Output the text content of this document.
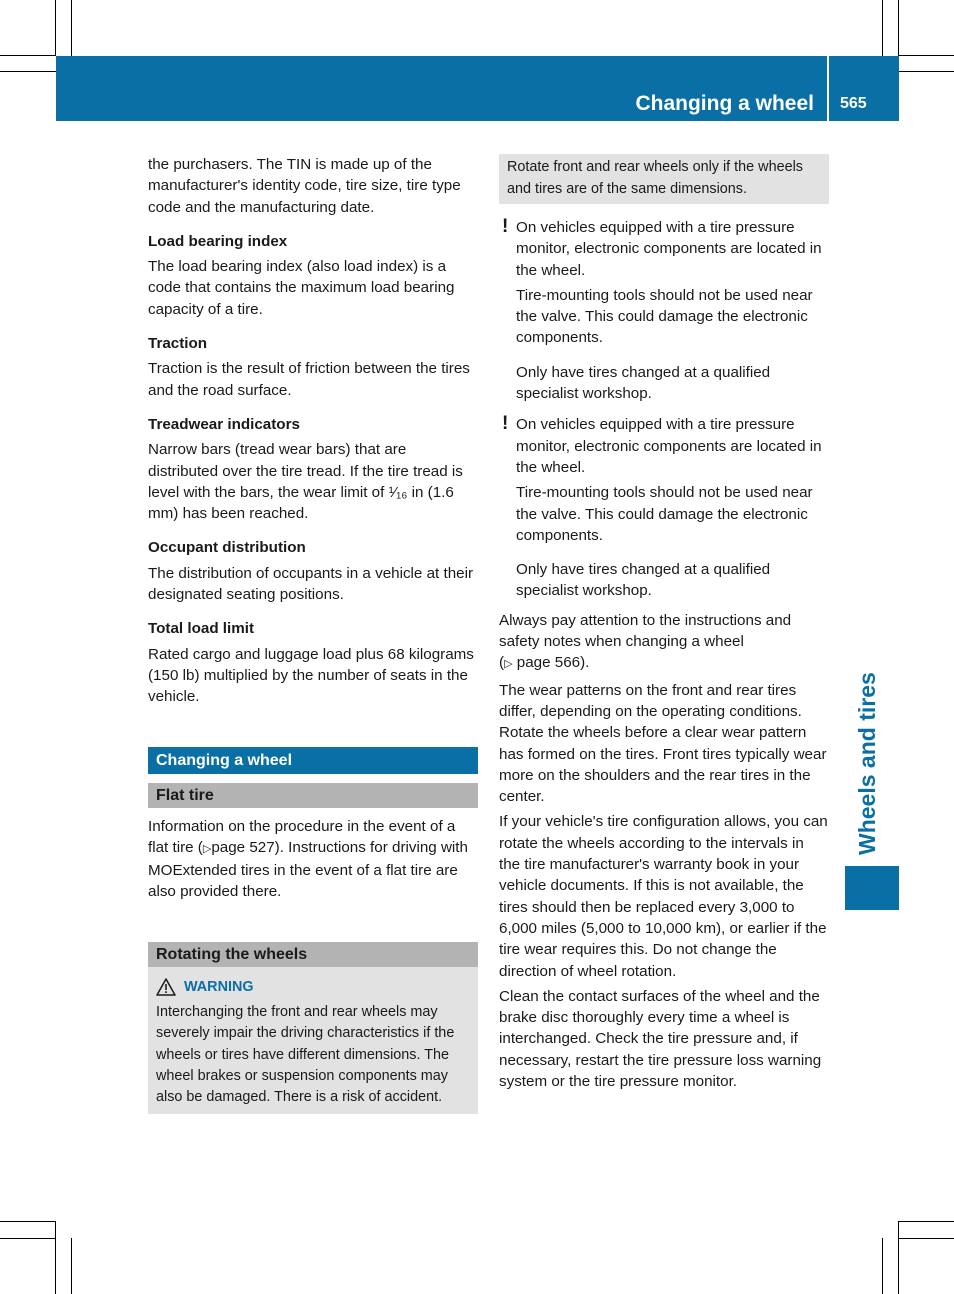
Changing a wheel 565
Wheels and tires

the purchasers. The TIN is made up of the manufacturer's identity code, tire size, tire type code and the manufacturing date.

Load bearing index

The load bearing index (also load index) is a code that contains the maximum load bearing capacity of a tire.

Traction

Traction is the result of friction between the tires and the road surface.

Treadwear indicators

Narrow bars (tread wear bars) that are distributed over the tire tread. If the tire tread is level with the bars, the wear limit of ¹⁄₁₆ in (1.6 mm) has been reached.

Occupant distribution

The distribution of occupants in a vehicle at their designated seating positions.

Total load limit

Rated cargo and luggage load plus 68 kilograms (150 lb) multiplied by the number of seats in the vehicle.

Changing a wheel
Flat tire

Information on the procedure in the event of a flat tire (▷page 527). Instructions for driving with MOExtended tires in the event of a flat tire are also provided there.

Rotating the wheels
WARNING
Interchanging the front and rear wheels may severely impair the driving characteristics if the wheels or tires have different dimensions. The wheel brakes or suspension components may also be damaged. There is a risk of accident.
Rotate front and rear wheels only if the wheels and tires are of the same dimensions.
! On vehicles equipped with a tire pressure monitor, electronic components are located in the wheel.

Tire-mounting tools should not be used near the valve. This could damage the electronic components.

Only have tires changed at a qualified specialist workshop.

! On vehicles equipped with a tire pressure monitor, electronic components are located in the wheel.

Tire-mounting tools should not be used near the valve. This could damage the electronic components.

Only have tires changed at a qualified specialist workshop.

Always pay attention to the instructions and safety notes when changing a wheel
(▷ page 566).

The wear patterns on the front and rear tires differ, depending on the operating conditions. Rotate the wheels before a clear wear pattern has formed on the tires. Front tires typically wear more on the shoulders and the rear tires in the center.

If your vehicle's tire configuration allows, you can rotate the wheels according to the intervals in the tire manufacturer's warranty book in your vehicle documents. If this is not available, the tires should then be replaced every 3,000 to 6,000 miles (5,000 to 10,000 km), or earlier if the tire wear requires this. Do not change the direction of wheel rotation.

Clean the contact surfaces of the wheel and the brake disc thoroughly every time a wheel is interchanged. Check the tire pressure and, if necessary, restart the tire pressure loss warning system or the tire pressure monitor.
